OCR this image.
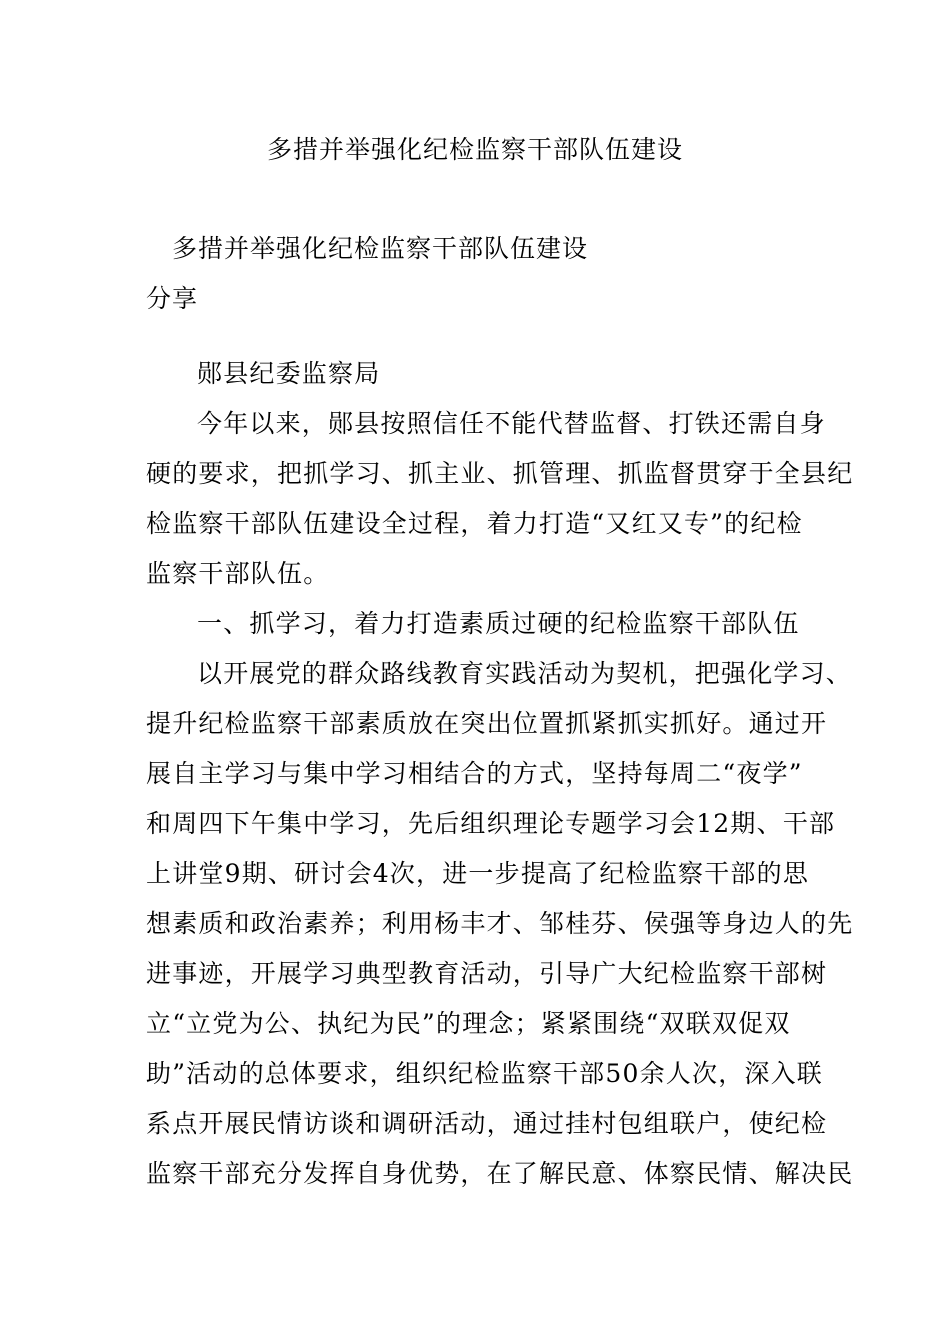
多措并举强化纪检监察干部队伍建设
多措并举强化纪检监察干部队伍建设
分享
郧县纪委监察局
今年以来，郧县按照信任不能代替监督、打铁还需自身
硬的要求，把抓学习、抓主业、抓管理、抓监督贯穿于全县纪
检监察干部队伍建设全过程，着力打造“又红又专”的纪检
监察干部队伍。
一、抓学习，着力打造素质过硬的纪检监察干部队伍
以开展党的群众路线教育实践活动为契机，把强化学习、
提升纪检监察干部素质放在突出位置抓紧抓实抓好。通过开
展自主学习与集中学习相结合的方式，坚持每周二“夜学”
和周四下午集中学习，先后组织理论专题学习会12期、干部
上讲堂9期、研讨会4次，进一步提高了纪检监察干部的思
想素质和政治素养；利用杨丰才、邹桂芬、侯强等身边人的先
进事迹，开展学习典型教育活动，引导广大纪检监察干部树
立“立党为公、执纪为民”的理念；紧紧围绕“双联双促双
助”活动的总体要求，组织纪检监察干部50余人次，深入联
系点开展民情访谈和调研活动，通过挂村包组联户，使纪检
监察干部充分发挥自身优势，在了解民意、体察民情、解决民
